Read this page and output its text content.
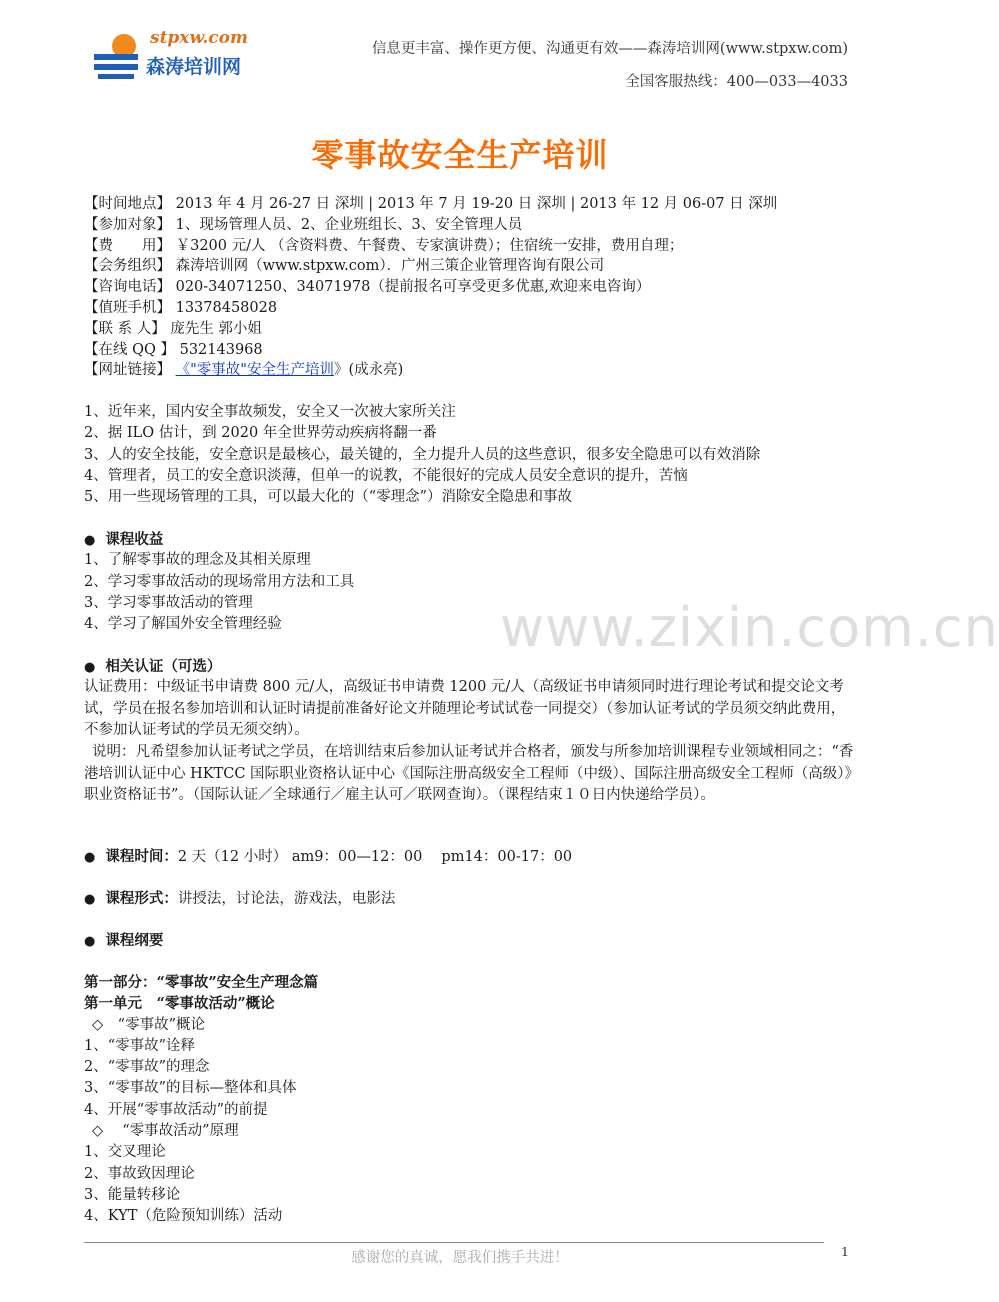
stpxw.com
森涛培训网
信息更丰富、操作更方便、沟通更有效——森涛培训网(www.stpxw.com)
全国客服热线：400—033—4033
零事故安全生产培训
【时间地点】 2013 年 4 月 26-27 日 深圳 | 2013 年 7 月 19-20 日 深圳 | 2013 年 12 月 06-07 日 深圳
【参加对象】 1、现场管理人员、2、企业班组长、3、安全管理人员
【费　　用】 ￥3200 元/人 （含资料费、午餐费、专家演讲费）；住宿统一安排，费用自理；
【会务组织】 森涛培训网（www.stpxw.com）．广州三策企业管理咨询有限公司
【咨询电话】 020-34071250、34071978（提前报名可享受更多优惠,欢迎来电咨询）
【值班手机】 13378458028
【联 系 人】 庞先生 郭小姐
【在线 QQ 】 532143968
【网址链接】 《"零事故"安全生产培训》(成永亮)
1、近年来，国内安全事故频发，安全又一次被大家所关注
2、据 ILO 估计，到 2020 年全世界劳动疾病将翻一番
3、人的安全技能，安全意识是最核心，最关键的，全力提升人员的这些意识，很多安全隐患可以有效消除
4、管理者，员工的安全意识淡薄，但单一的说教，不能很好的完成人员安全意识的提升，苦恼
5、用一些现场管理的工具，可以最大化的（“零理念”）消除安全隐患和事故
● 课程收益
1、了解零事故的理念及其相关原理
2、学习零事故活动的现场常用方法和工具
3、学习零事故活动的管理
4、学习了解国外安全管理经验
● 相关认证（可选）
认证费用：中级证书申请费 800 元/人，高级证书申请费 1200 元/人（高级证书申请须同时进行理论考试和提交论文考试，学员在报名参加培训和认证时请提前准备好论文并随理论考试试卷一同提交）（参加认证考试的学员须交纳此费用，不参加认证考试的学员无须交纳）。
说明：凡希望参加认证考试之学员，在培训结束后参加认证考试并合格者，颁发与所参加培训课程专业领域相同之：“香港培训认证中心 HKTCC 国际职业资格认证中心《国际注册高级安全工程师（中级）、国际注册高级安全工程师（高级）》职业资格证书”。（国际认证／全球通行／雇主认可／联网查询）。（课程结束１０日内快递给学员）。
● 课程时间：2 天（12 小时） am9：00—12：00　 pm14：00-17：00
● 课程形式：讲授法，讨论法，游戏法，电影法
● 课程纲要
第一部分：“零事故”安全生产理念篇
第一单元　“零事故活动”概论
◇　“零事故”概论
1、“零事故”诠释
2、“零事故”的理念
3、“零事故”的目标—整体和具体
4、开展“零事故活动”的前提
◇　 “零事故活动”原理
1、交叉理论
2、事故致因理论
3、能量转移论
4、KYT（危险预知训练）活动
www.zixin.com.cn
感谢您的真诚，愿我们携手共进！	1
